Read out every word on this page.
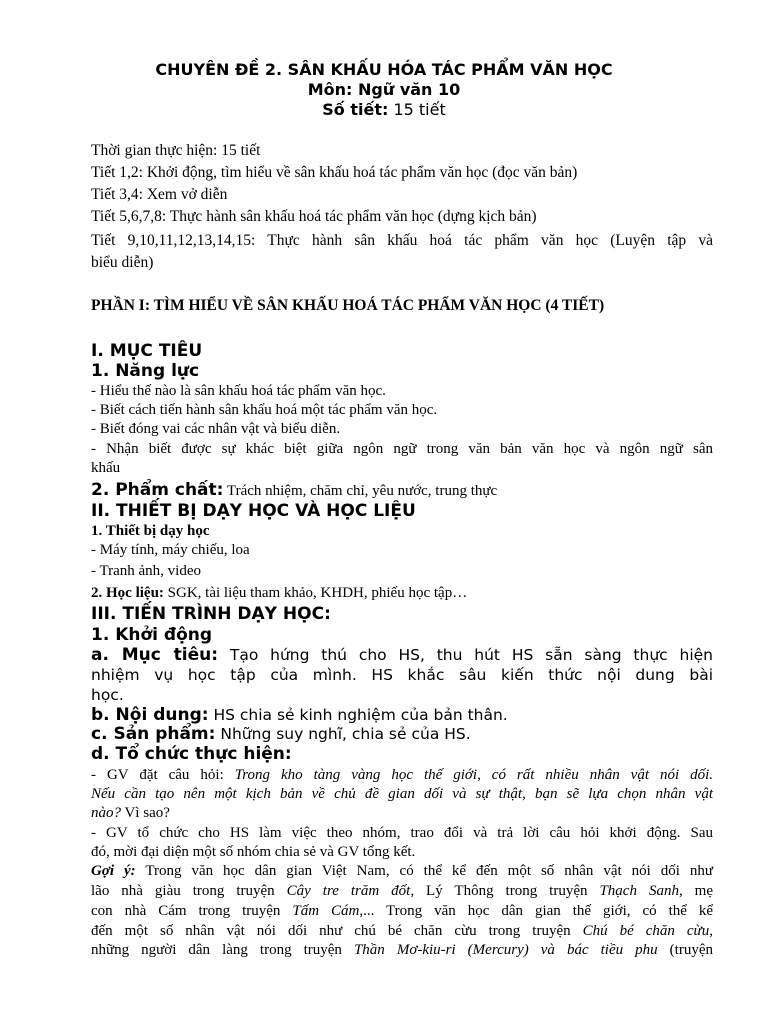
CHUYÊN ĐỀ 2. SÂN KHẤU HÓA TÁC PHẨM VĂN HỌC
Môn: Ngữ văn 10
Số tiết: 15 tiết
Thời gian thực hiện: 15 tiết
Tiết 1,2: Khởi động, tìm hiểu về sân khấu hoá tác phẩm văn học (đọc văn bản)
Tiết 3,4: Xem vở diễn
Tiết 5,6,7,8: Thực hành sân khấu hoá tác phẩm văn học (dựng kịch bản)
Tiết 9,10,11,12,13,14,15: Thực hành sân khấu hoá tác phẩm văn học (Luyện tập và
biểu diễn)
PHẦN I: TÌM HIỂU VỀ SÂN KHẤU HOÁ TÁC PHẨM VĂN HỌC (4 TIẾT)
I. MỤC TIÊU
1. Năng lực
- Hiểu thế nào là sân khấu hoá tác phẩm văn học.
- Biết cách tiến hành sân khấu hoá một tác phẩm văn học.
- Biết đóng vai các nhân vật và biểu diễn.
- Nhận biết được sự khác biệt giữa ngôn ngữ trong văn bản văn học và ngôn ngữ sân
khấu
2. Phẩm chất: Trách nhiệm, chăm chỉ, yêu nước, trung thực
II. THIẾT BỊ DẠY HỌC VÀ HỌC LIỆU
1. Thiết bị dạy học
- Máy tính, máy chiếu, loa
- Tranh ảnh, video
2. Học liệu: SGK, tài liệu tham khảo, KHDH, phiếu học tập…
III. TIẾN TRÌNH DẠY HỌC:
1. Khởi động
a. Mục tiêu: Tạo hứng thú cho HS, thu hút HS sẵn sàng thực hiện
nhiệm vụ học tập của mình. HS khắc sâu kiến thức nội dung bài
học.
b. Nội dung: HS chia sẻ kinh nghiệm của bản thân.
c. Sản phẩm: Những suy nghĩ, chia sẻ của HS.
d. Tổ chức thực hiện:
- GV đặt câu hỏi: Trong kho tàng vàng học thế giới, có rất nhiều nhân vật nói dối.
Nếu cần tạo nên một kịch bản về chủ đề gian dối và sự thật, bạn sẽ lựa chọn nhân vật
nào? Vì sao?
- GV tổ chức cho HS làm việc theo nhóm, trao đổi và trả lời câu hỏi khởi động. Sau
đó, mời đại diện một số nhóm chia sẻ và GV tổng kết.
Gợi ý: Trong văn học dân gian Việt Nam, có thể kể đến một số nhân vật nói dối như
lão nhà giàu trong truyện Cây tre trăm đốt, Lý Thông trong truyện Thạch Sanh, mẹ
con nhà Cám trong truyện Tấm Cám,... Trong văn học dân gian thế giới, có thể kể
đến một số nhân vật nói dối như chú bé chăn cừu trong truyện Chú bé chăn cừu,
những người dân làng trong truyện Thần Mơ-kiu-ri (Mercury) và bác tiều phu (truyện
